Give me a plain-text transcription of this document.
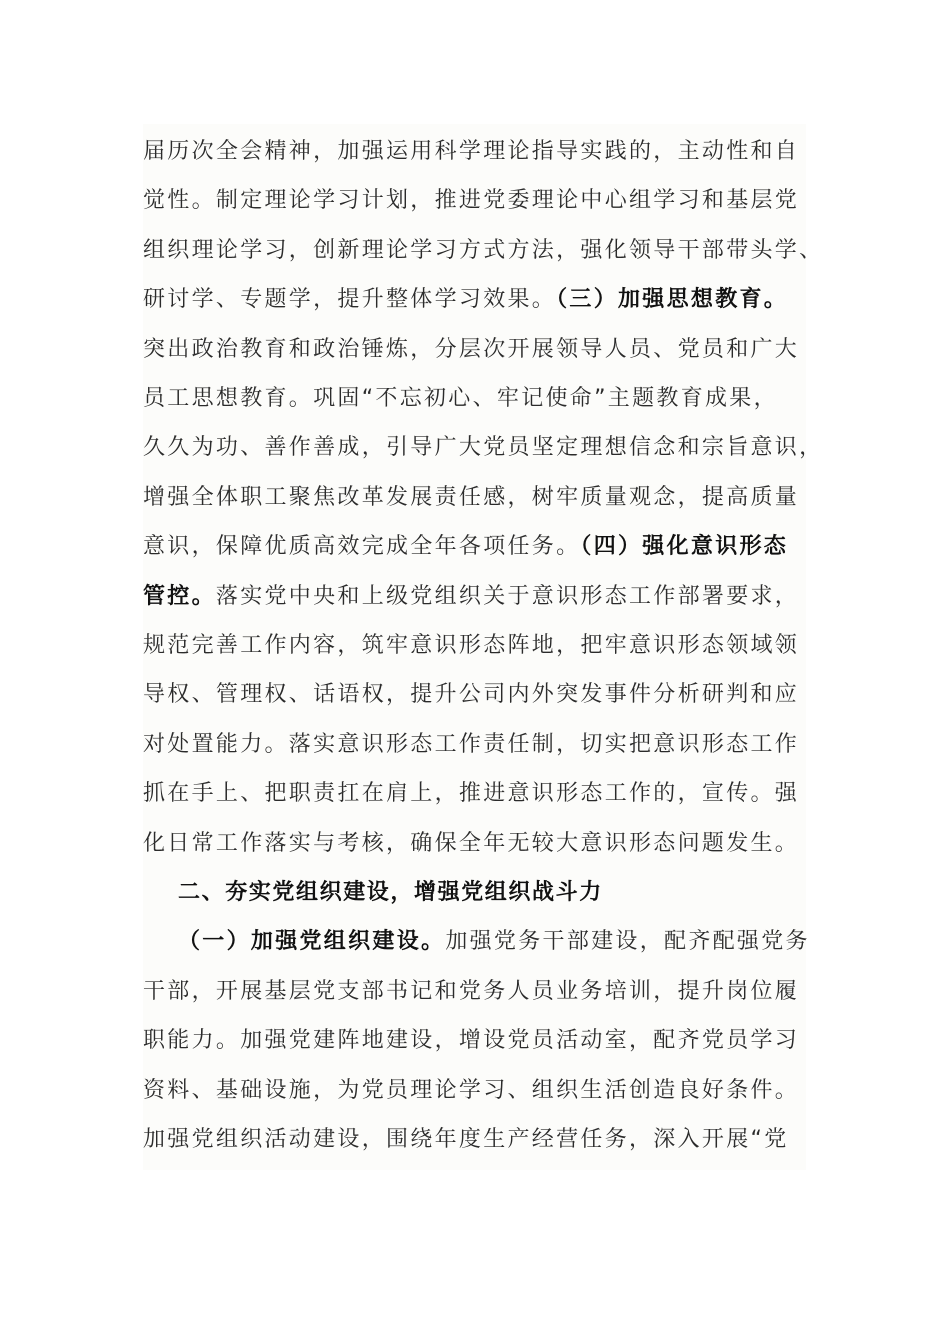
届历次全会精神，加强运用科学理论指导实践的，主动性和自
觉性。制定理论学习计划，推进党委理论中心组学习和基层党
组织理论学习，创新理论学习方式方法，强化领导干部带头学、
研讨学、专题学，提升整体学习效果。（三）加强思想教育。
突出政治教育和政治锤炼，分层次开展领导人员、党员和广大
员工思想教育。巩固“不忘初心、牢记使命”主题教育成果，
久久为功、善作善成，引导广大党员坚定理想信念和宗旨意识，
增强全体职工聚焦改革发展责任感，树牢质量观念，提高质量
意识，保障优质高效完成全年各项任务。（四）强化意识形态
管控。落实党中央和上级党组织关于意识形态工作部署要求，
规范完善工作内容，筑牢意识形态阵地，把牢意识形态领域领
导权、管理权、话语权，提升公司内外突发事件分析研判和应
对处置能力。落实意识形态工作责任制，切实把意识形态工作
抓在手上、把职责扛在肩上，推进意识形态工作的，宣传。强
化日常工作落实与考核，确保全年无较大意识形态问题发生。
二、夯实党组织建设，增强党组织战斗力
（一）加强党组织建设。加强党务干部建设，配齐配强党务
干部，开展基层党支部书记和党务人员业务培训，提升岗位履
职能力。加强党建阵地建设，增设党员活动室，配齐党员学习
资料、基础设施，为党员理论学习、组织生活创造良好条件。
加强党组织活动建设，围绕年度生产经营任务，深入开展“党
